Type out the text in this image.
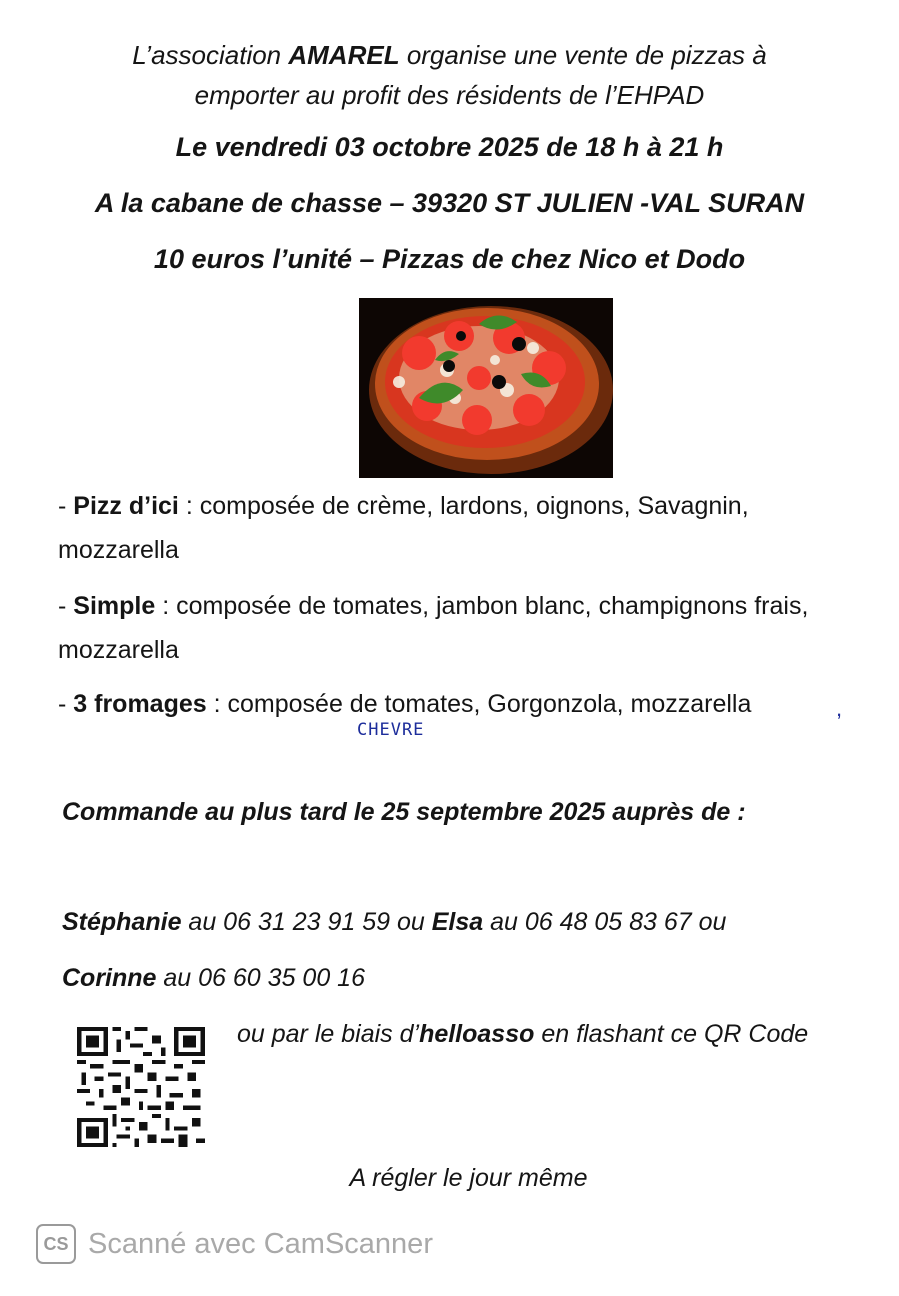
L’association AMAREL organise une vente de pizzas à
emporter au profit des résidents de l’EHPAD
Le vendredi 03 octobre 2025 de 18 h à 21 h
A la cabane de chasse – 39320 ST JULIEN -VAL SURAN
10 euros l’unité – Pizzas de chez Nico et Dodo
- Pizz d’ici : composée de crème, lardons, oignons, Savagnin, mozzarella
- Simple : composée de tomates, jambon blanc, champignons frais, mozzarella
- 3 fromages : composée de tomates, Gorgonzola, mozzarella
CHEVRE
,
Commande au plus tard le 25 septembre 2025 auprès de :
Stéphanie au 06 31 23 91 59 ou Elsa au 06 48 05 83 67 ou
Corinne au 06 60 35 00 16
ou par le biais d’helloasso en flashant ce QR Code
A régler le jour même
CS Scanné avec CamScanner
